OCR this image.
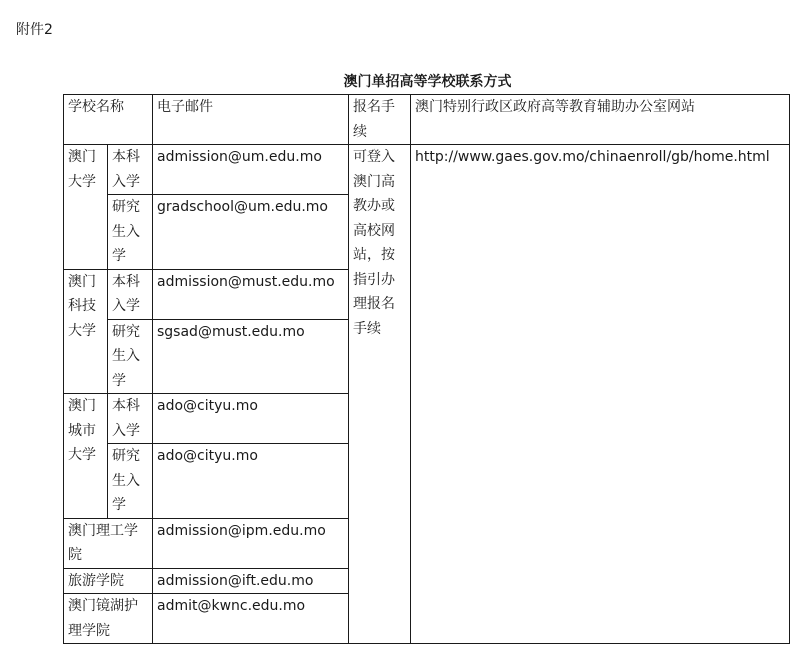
附件2
澳门单招高等学校联系方式
学校名称		电子邮件	报名手续	澳门特别行政区政府高等教育辅助办公室网站
澳门大学	本科入学	admission@um.edu.mo	可登入澳门高教办或高校网站，按指引办理报名手续	http://www.gaes.gov.mo/chinaenroll/gb/home.html
	研究生入学	gradschool@um.edu.mo		
澳门科技大学	本科入学	admission@must.edu.mo		
	研究生入学	sgsad@must.edu.mo		
澳门城市大学	本科入学	ado@cityu.mo		
	研究生入学	ado@cityu.mo		
澳门理工学院		admission@ipm.edu.mo		
旅游学院		admission@ift.edu.mo		
澳门镜湖护理学院		admit@kwnc.edu.mo		
